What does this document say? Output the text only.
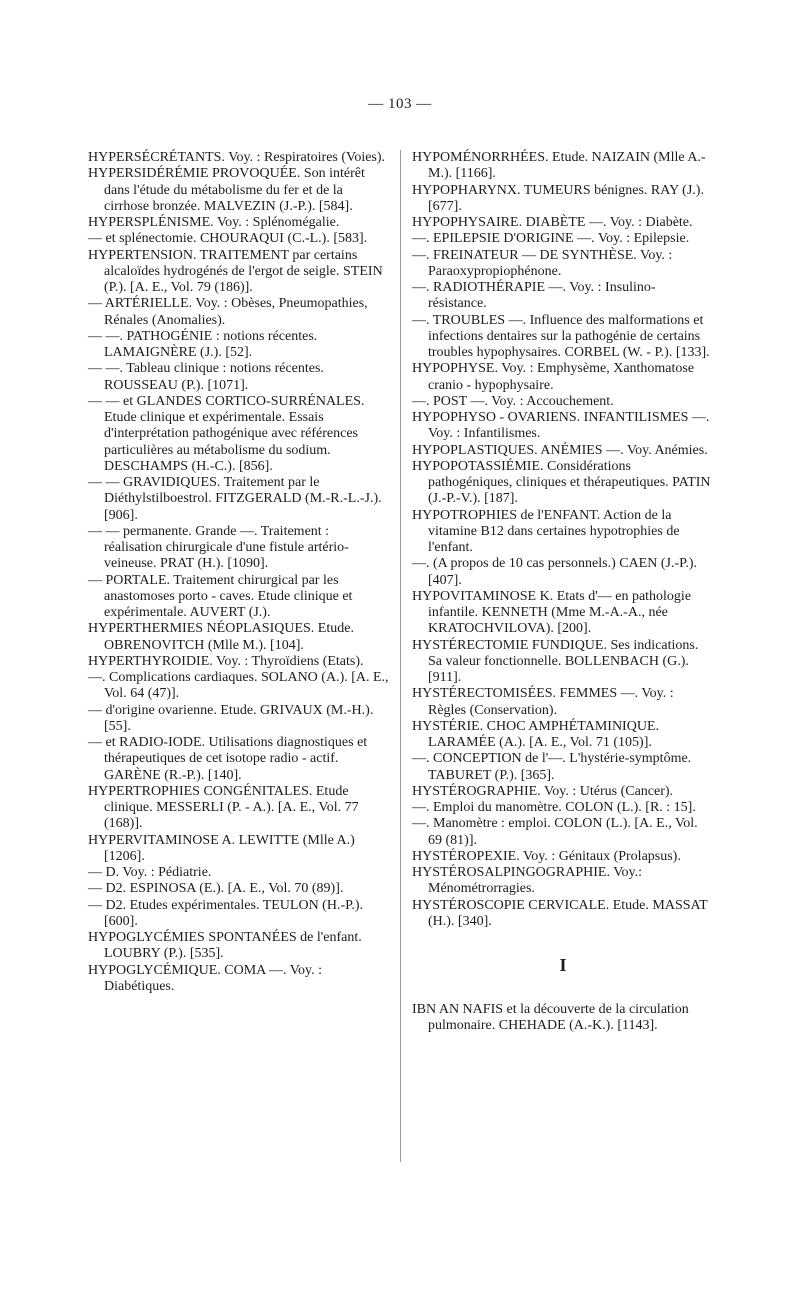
— 103 —

HYPERSÉCRÉTANTS. Voy. : Respiratoires (Voies).

HYPERSIDÉRÉMIE PROVOQUÉE. Son intérêt dans l'étude du métabolisme du fer et de la cirrhose bronzée. MALVEZIN (J.-P.). [584].

HYPERSPLÉNISME. Voy. : Splénomégalie.

— et splénectomie. CHOURAQUI (C.-L.). [583].

HYPERTENSION. TRAITEMENT par certains alcaloïdes hydrogénés de l'ergot de seigle. STEIN (P.). [A. E., Vol. 79 (186)].

— ARTÉRIELLE. Voy. : Obèses, Pneumopathies, Rénales (Anomalies).

— —. PATHOGÉNIE : notions récentes. LAMAIGNÈRE (J.). [52].

— —. Tableau clinique : notions récentes. ROUSSEAU (P.). [1071].

— — et GLANDES CORTICO-SURRÉNALES. Etude clinique et expérimentale. Essais d'interprétation pathogénique avec références particulières au métabolisme du sodium. DESCHAMPS (H.-C.). [856].

— — GRAVIDIQUES. Traitement par le Diéthylstilboestrol. FITZGERALD (M.-R.-L.-J.). [906].

— — permanente. Grande —. Traitement : réalisation chirurgicale d'une fistule artério-veineuse. PRAT (H.). [1090].

— PORTALE. Traitement chirurgical par les anastomoses porto - caves. Etude clinique et expérimentale. AUVERT (J.).

HYPERTHERMIES NÉOPLASIQUES. Etude. OBRENOVITCH (Mlle M.). [104].

HYPERTHYROIDIE. Voy. : Thyroïdiens (Etats).

—. Complications cardiaques. SOLANO (A.). [A. E., Vol. 64 (47)].

— d'origine ovarienne. Etude. GRIVAUX (M.-H.). [55].

— et RADIO-IODE. Utilisations diagnostiques et thérapeutiques de cet isotope radio - actif. GARÈNE (R.-P.). [140].

HYPERTROPHIES CONGÉNITALES. Etude clinique. MESSERLI (P. - A.). [A. E., Vol. 77 (168)].

HYPERVITAMINOSE A. LEWITTE (Mlle A.) [1206].

— D. Voy. : Pédiatrie.

— D2. ESPINOSA (E.). [A. E., Vol. 70 (89)].

— D2. Etudes expérimentales. TEULON (H.-P.). [600].

HYPOGLYCÉMIES SPONTANÉES de l'enfant. LOUBRY (P.). [535].

HYPOGLYCÉMIQUE. COMA —. Voy. : Diabétiques.

HYPOMÉNORRHÉES. Etude. NAIZAIN (Mlle A.-M.). [1166].

HYPOPHARYNX. TUMEURS bénignes. RAY (J.). [677].

HYPOPHYSAIRE. DIABÈTE —. Voy. : Diabète.

—. EPILEPSIE D'ORIGINE —. Voy. : Epilepsie.

—. FREINATEUR — DE SYNTHÈSE. Voy. : Paraoxypropiophénone.

—. RADIOTHÉRAPIE —. Voy. : Insulino-résistance.

—. TROUBLES —. Influence des malformations et infections dentaires sur la pathogénie de certains troubles hypophysaires. CORBEL (W. - P.). [133].

HYPOPHYSE. Voy. : Emphysème, Xanthomatose cranio - hypophysaire.

—. POST —. Voy. : Accouchement.

HYPOPHYSO - OVARIENS. INFANTILISMES —. Voy. : Infantilismes.

HYPOPLASTIQUES. ANÉMIES —. Voy. Anémies.

HYPOPOTASSIÉMIE. Considérations pathogéniques, cliniques et thérapeutiques. PATIN (J.-P.-V.). [187].

HYPOTROPHIES de l'ENFANT. Action de la vitamine B12 dans certaines hypotrophies de l'enfant.

—. (A propos de 10 cas personnels.) CAEN (J.-P.). [407].

HYPOVITAMINOSE K. Etats d'— en pathologie infantile. KENNETH (Mme M.-A.-A., née KRATOCHVILOVA). [200].

HYSTÉRECTOMIE FUNDIQUE. Ses indications. Sa valeur fonctionnelle. BOLLENBACH (G.). [911].

HYSTÉRECTOMISÉES. FEMMES —. Voy. : Règles (Conservation).

HYSTÉRIE. CHOC AMPHÉTAMINIQUE. LARAMÉE (A.). [A. E., Vol. 71 (105)].

—. CONCEPTION de l'—. L'hystérie-symptôme. TABURET (P.). [365].

HYSTÉROGRAPHIE. Voy. : Utérus (Cancer).

—. Emploi du manomètre. COLON (L.). [R. : 15].

—. Manomètre : emploi. COLON (L.). [A. E., Vol. 69 (81)].

HYSTÉROPEXIE. Voy. : Génitaux (Prolapsus).

HYSTÉROSALPINGOGRAPHIE. Voy.: Ménométrorragies.

HYSTÉROSCOPIE CERVICALE. Etude. MASSAT (H.). [340].

I

IBN AN NAFIS et la découverte de la circulation pulmonaire. CHEHADE (A.-K.). [1143].
